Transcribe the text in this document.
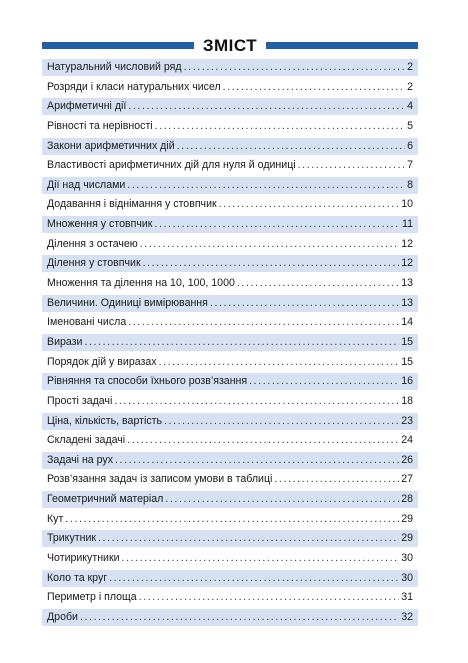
ЗМІСТ
Натуральний числовий ряд .....	2
Розряди і класи натуральних чисел .....	2
Арифметичні дії .....	4
Рівності та нерівності .....	5
Закони арифметичних дій .....	6
Властивості арифметичних дій для нуля й одиниці .....	7
Дії над числами .....	8
Додавання і віднімання у стовпчик .....	10
Множення у стовпчик .....	11
Ділення з остачею .....	12
Ділення у стовпчик .....	12
Множення та ділення на 10, 100, 1000 .....	13
Величини. Одиниці вимірювання .....	13
Іменовані числа .....	14
Вирази .....	15
Порядок дій у виразах .....	15
Рівняння та способи їхнього розв’язання .....	16
Прості задачі .....	18
Ціна, кількість, вартість .....	23
Складені задачі .....	24
Задачі на рух .....	26
Розв’язання задач із записом умови в таблиці .....	27
Геометричний матеріал .....	28
Кут .....	29
Трикутник .....	29
Чотирикутники .....	30
Коло та круг .....	30
Периметр і площа .....	31
Дроби .....	32
